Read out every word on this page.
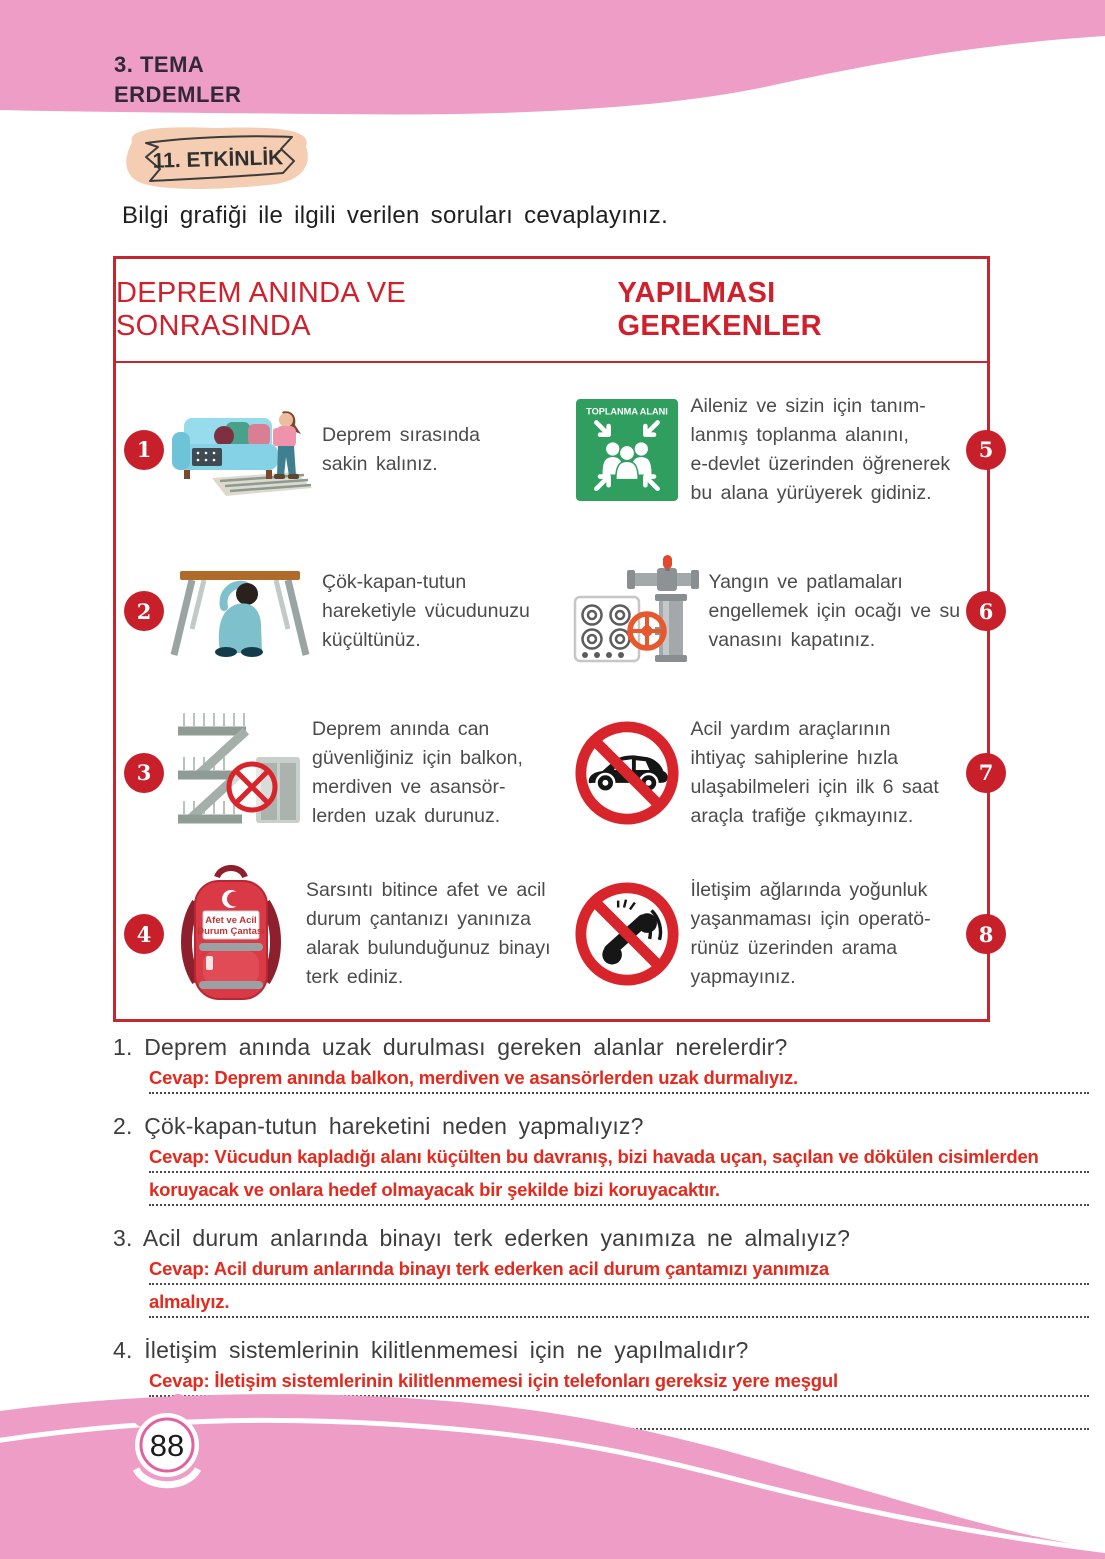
3. TEMA
ERDEMLER
11. ETKİNLİK
Bilgi grafiği ile ilgili verilen soruları cevaplayınız.
DEPREM ANINDA VE SONRASINDA
YAPILMASI GEREKENLER
1
Deprem sırasında
sakin kalınız.
2
Çök-kapan-tutun
hareketiyle vücudunuzu
küçültünüz.
3
Deprem anında can
güvenliğiniz için balkon,
merdiven ve asansör-
lerden uzak durunuz.
4
Afet ve Acil
Durum Çantası
Sarsıntı bitince afet ve acil
durum çantanızı yanınıza
alarak bulunduğunuz binayı
terk ediniz.
TOPLANMA ALANI Aileniz ve sizin için tanım-
lanmış toplanma alanını,
e-devlet üzerinden öğrenerek
bu alana yürüyerek gidiniz.
5
Yangın ve patlamaları
engellemek için ocağı ve su
vanasını kapatınız.
6
Acil yardım araçlarının
ihtiyaç sahiplerine hızla
ulaşabilmeleri için ilk 6 saat
araçla trafiğe çıkmayınız.
7
İletişim ağlarında yoğunluk
yaşanmaması için operatö-
rünüz üzerinden arama
yapmayınız.
8
1. Deprem anında uzak durulması gereken alanlar nerelerdir?
Cevap: Deprem anında balkon, merdiven ve asansörlerden uzak durmalıyız.
2. Çök-kapan-tutun hareketini neden yapmalıyız?
Cevap: Vücudun kapladığı alanı küçülten bu davranış, bizi havada uçan, saçılan ve dökülen cisimlerden
koruyacak ve onlara hedef olmayacak bir şekilde bizi koruyacaktır.
3. Acil durum anlarında binayı terk ederken yanımıza ne almalıyız?
Cevap: Acil durum anlarında binayı terk ederken acil durum çantamızı yanımıza
almalıyız.
4. İletişim sistemlerinin kilitlenmemesi için ne yapılmalıdır?
Cevap: İletişim sistemlerinin kilitlenmemesi için telefonları gereksiz yere meşgul
88
